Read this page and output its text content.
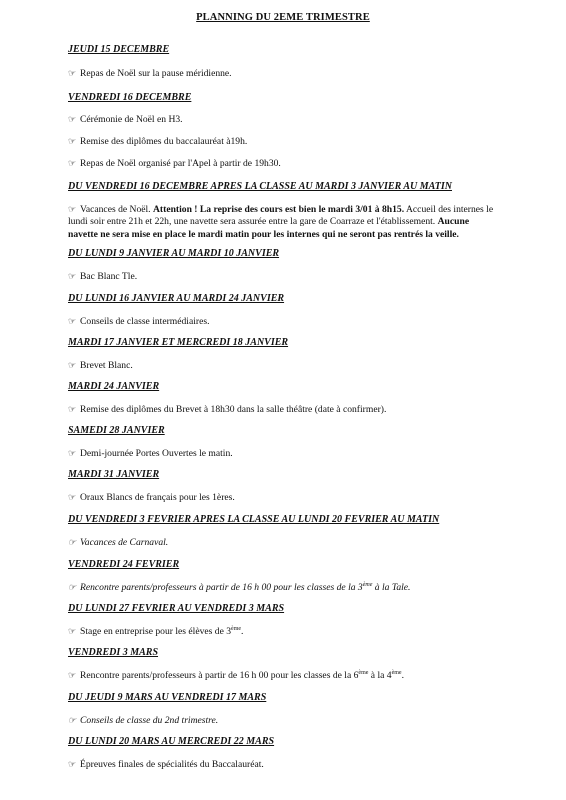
PLANNING DU 2EME TRIMESTRE
JEUDI 15 DECEMBRE
☞ Repas de Noël sur la pause méridienne.
VENDREDI 16 DECEMBRE
☞ Cérémonie de Noël en H3.
☞ Remise des diplômes du baccalauréat à19h.
☞ Repas de Noël organisé par l'Apel à partir de 19h30.
DU VENDREDI 16 DECEMBRE APRES LA CLASSE AU MARDI 3 JANVIER AU MATIN
☞ Vacances de Noël. Attention ! La reprise des cours est bien le mardi 3/01 à 8h15. Accueil des internes le lundi soir entre 21h et 22h, une navette sera assurée entre la gare de Coarraze et l'établissement. Aucune navette ne sera mise en place le mardi matin pour les internes qui ne seront pas rentrés la veille.
DU LUNDI 9 JANVIER AU MARDI 10 JANVIER
☞ Bac Blanc Tle.
DU LUNDI 16 JANVIER AU MARDI 24 JANVIER
☞ Conseils de classe intermédiaires.
MARDI 17 JANVIER ET MERCREDI 18 JANVIER
☞ Brevet Blanc.
MARDI 24 JANVIER
☞ Remise des diplômes du Brevet à 18h30 dans la salle théâtre (date à confirmer).
SAMEDI 28 JANVIER
☞ Demi-journée Portes Ouvertes le matin.
MARDI 31 JANVIER
☞ Oraux Blancs de français pour les 1ères.
DU VENDREDI 3 FEVRIER APRES LA CLASSE AU LUNDI 20 FEVRIER AU MATIN
☞ Vacances de Carnaval.
VENDREDI 24 FEVRIER
☞ Rencontre parents/professeurs à partir de 16 h 00 pour les classes de la 3ème à la Tale.
DU LUNDI 27 FEVRIER AU VENDREDI 3 MARS
☞ Stage en entreprise pour les élèves de 3ème.
VENDREDI 3 MARS
☞ Rencontre parents/professeurs à partir de 16 h 00 pour les classes de la 6ème à la 4ème.
DU JEUDI 9 MARS AU VENDREDI 17 MARS
☞ Conseils de classe du 2nd trimestre.
DU LUNDI 20 MARS AU MERCREDI 22 MARS
☞ Épreuves finales de spécialités du Baccalauréat.
